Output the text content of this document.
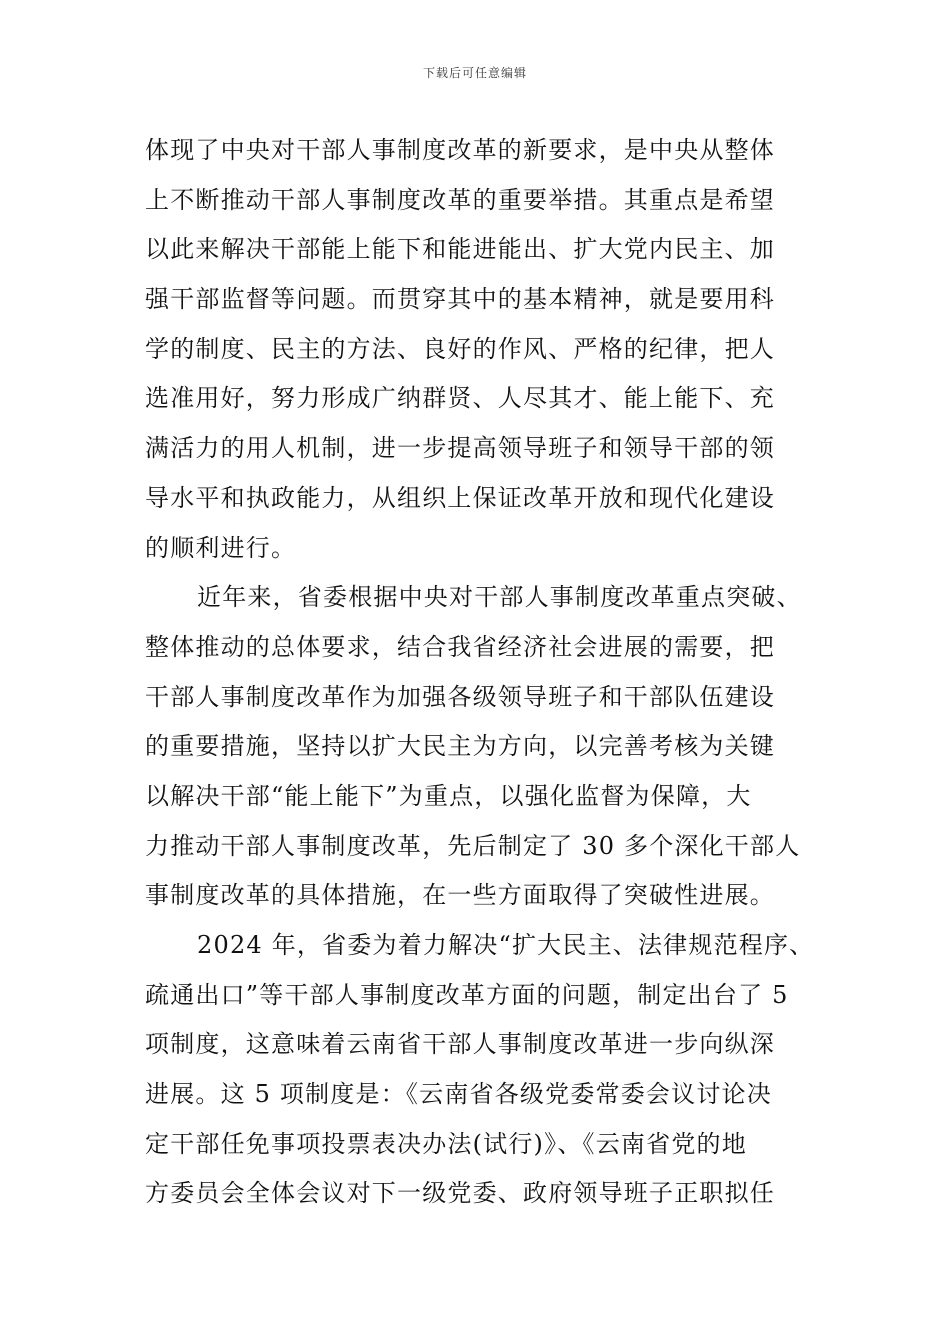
下载后可任意编辑
体现了中央对干部人事制度改革的新要求，是中央从整体
上不断推动干部人事制度改革的重要举措。其重点是希望
以此来解决干部能上能下和能进能出、扩大党内民主、加
强干部监督等问题。而贯穿其中的基本精神，就是要用科
学的制度、民主的方法、良好的作风、严格的纪律，把人
选准用好，努力形成广纳群贤、人尽其才、能上能下、充
满活力的用人机制，进一步提高领导班子和领导干部的领
导水平和执政能力，从组织上保证改革开放和现代化建设
的顺利进行。
近年来，省委根据中央对干部人事制度改革重点突破、
整体推动的总体要求，结合我省经济社会进展的需要，把
干部人事制度改革作为加强各级领导班子和干部队伍建设
的重要措施，坚持以扩大民主为方向，以完善考核为关键
以解决干部“能上能下”为重点，以强化监督为保障，大
力推动干部人事制度改革，先后制定了 30 多个深化干部人
事制度改革的具体措施，在一些方面取得了突破性进展。
2024 年，省委为着力解决“扩大民主、法律规范程序、
疏通出口”等干部人事制度改革方面的问题，制定出台了 5
项制度，这意味着云南省干部人事制度改革进一步向纵深
进展。这 5 项制度是：《云南省各级党委常委会议讨论决
定干部任免事项投票表决办法(试行)》、《云南省党的地
方委员会全体会议对下一级党委、政府领导班子正职拟任
